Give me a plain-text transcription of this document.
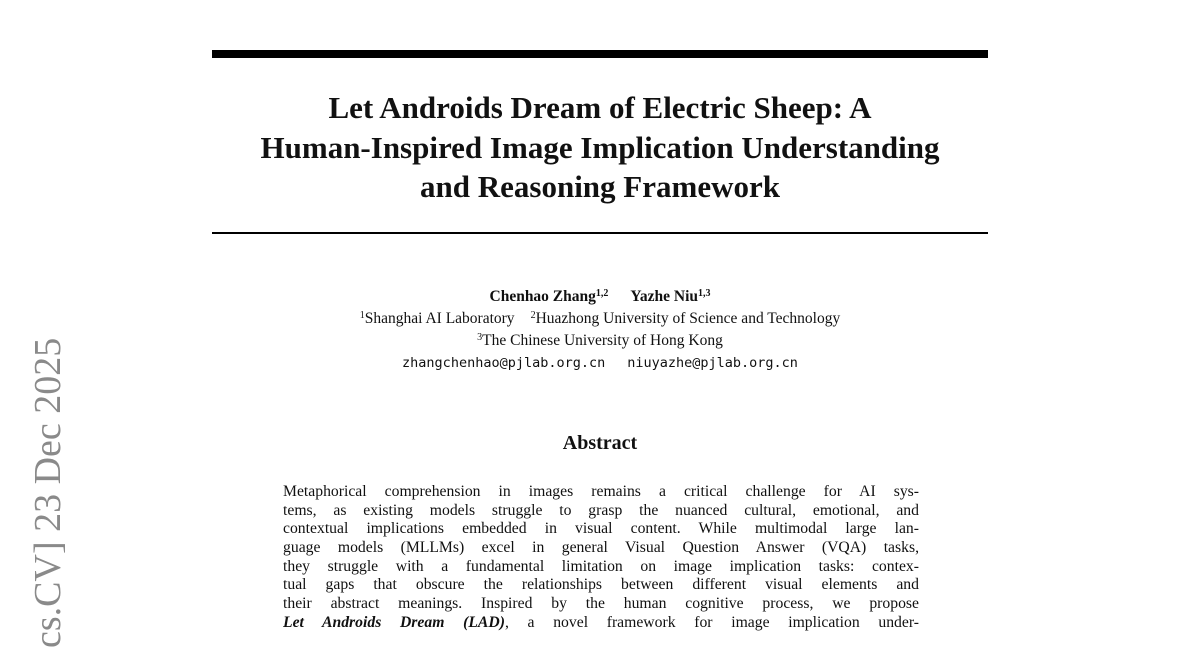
Let Androids Dream of Electric Sheep: A
Human-Inspired Image Implication Understanding
and Reasoning Framework
Chenhao Zhang$^{1,2}$ Yazhe Niu$^{1,3}$
$^1$Shanghai AI Laboratory $^2$Huazhong University of Science and Technology
$^3$The Chinese University of Hong Kong
zhangchenhao@pjlab.org.cn niuyazhe@pjlab.org.cn
Abstract
Metaphorical comprehension in images remains a critical challenge for AI sys-
tems, as existing models struggle to grasp the nuanced cultural, emotional, and
contextual implications embedded in visual content. While multimodal large lan-
guage models (MLLMs) excel in general Visual Question Answer (VQA) tasks,
they struggle with a fundamental limitation on image implication tasks: contex-
tual gaps that obscure the relationships between different visual elements and
their abstract meanings. Inspired by the human cognitive process, we propose
Let Androids Dream (LAD), a novel framework for image implication under-
cs.CV] 23 Dec 2025
